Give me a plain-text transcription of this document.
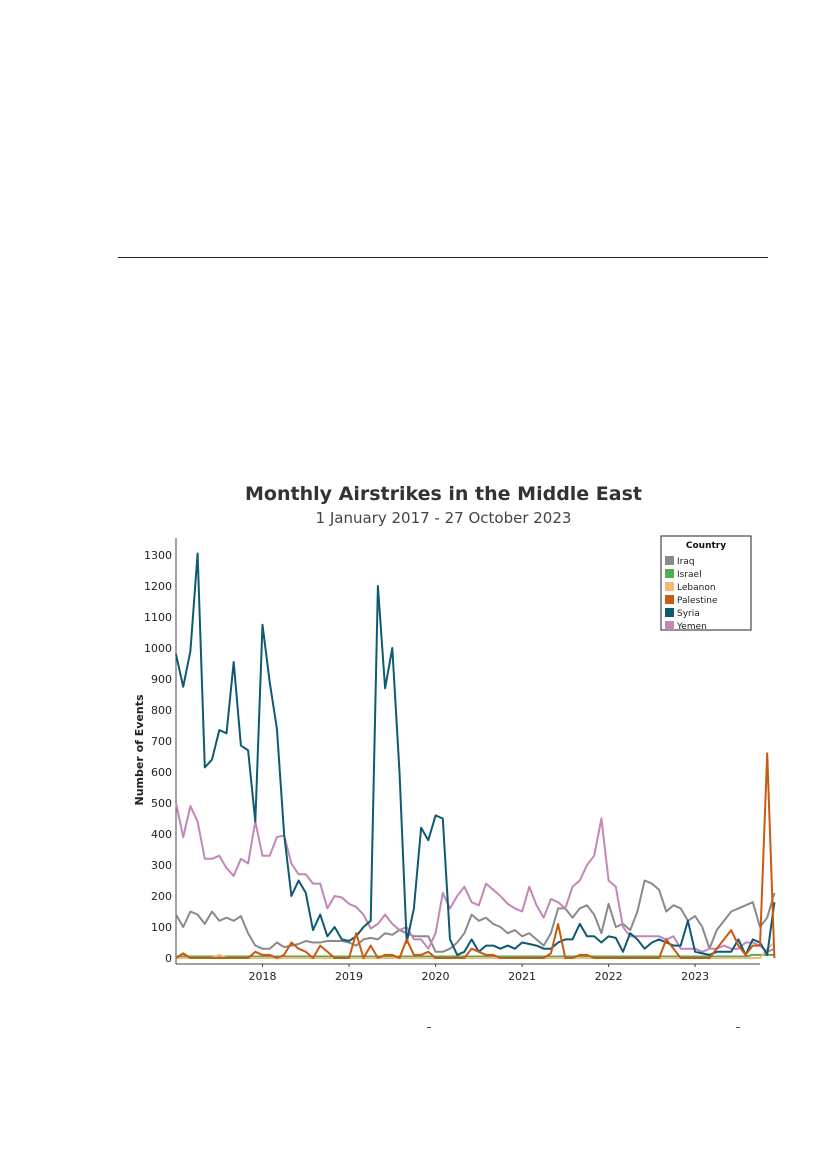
Monthly Airstrikes in the Middle East
1 January 2017 - 27 October 2023
0
100
200
300
400
500
600
700
800
900
1000
1100
1200
1300
2018	2019	2020	2021	2022	2023
Number of Events
Country
Iraq
Israel
Lebanon
Palestine
Syria
Yemen
